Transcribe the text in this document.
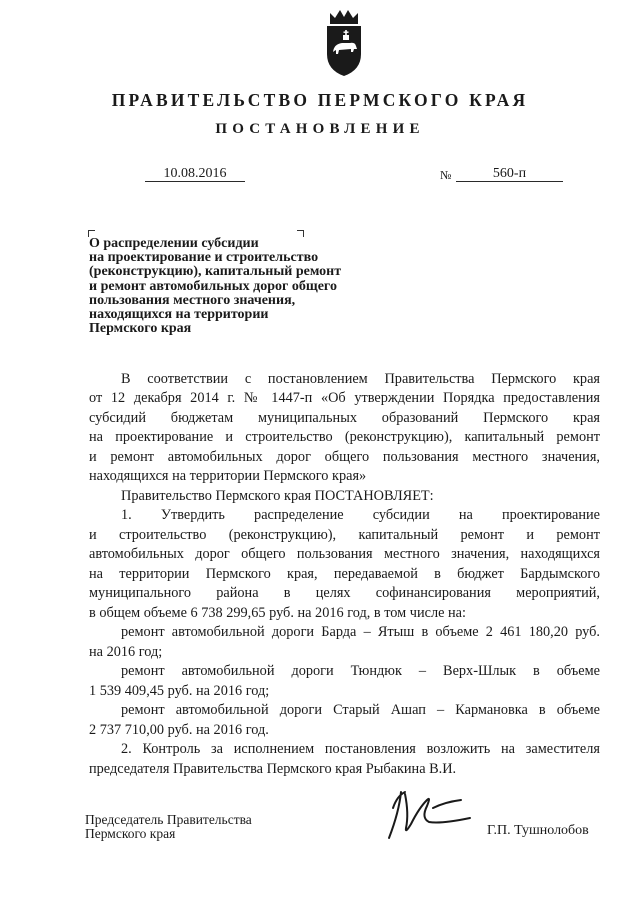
ПРАВИТЕЛЬСТВО ПЕРМСКОГО КРАЯ
ПОСТАНОВЛЕНИЕ
10.08.2016	№	560-п
О распределении субсидии
на проектирование и строительство
(реконструкцию), капитальный ремонт
и ремонт автомобильных дорог общего
пользования местного значения,
находящихся на территории
Пермского края
В соответствии с постановлением Правительства Пермского края
от 12 декабря 2014 г. № 1447-п «Об утверждении Порядка предоставления
субсидий бюджетам муниципальных образований Пермского края
на проектирование и строительство (реконструкцию), капитальный ремонт
и ремонт автомобильных дорог общего пользования местного значения,
находящихся на территории Пермского края»
Правительство Пермского края ПОСТАНОВЛЯЕТ:
1. Утвердить распределение субсидии на проектирование
и строительство (реконструкцию), капитальный ремонт и ремонт
автомобильных дорог общего пользования местного значения, находящихся
на территории Пермского края, передаваемой в бюджет Бардымского
муниципального района в целях софинансирования мероприятий,
в общем объеме 6 738 299,65 руб. на 2016 год, в том числе на:
ремонт автомобильной дороги Барда – Ятыш в объеме 2 461 180,20 руб.
на 2016 год;
ремонт автомобильной дороги Тюндюк – Верх-Шлык в объеме
1 539 409,45 руб. на 2016 год;
ремонт автомобильной дороги Старый Ашап – Кармановка в объеме
2 737 710,00 руб. на 2016 год.
2. Контроль за исполнением постановления возложить на заместителя
председателя Правительства Пермского края Рыбакина В.И.
Председатель Правительства
Пермского края	Г.П. Тушнолобов
